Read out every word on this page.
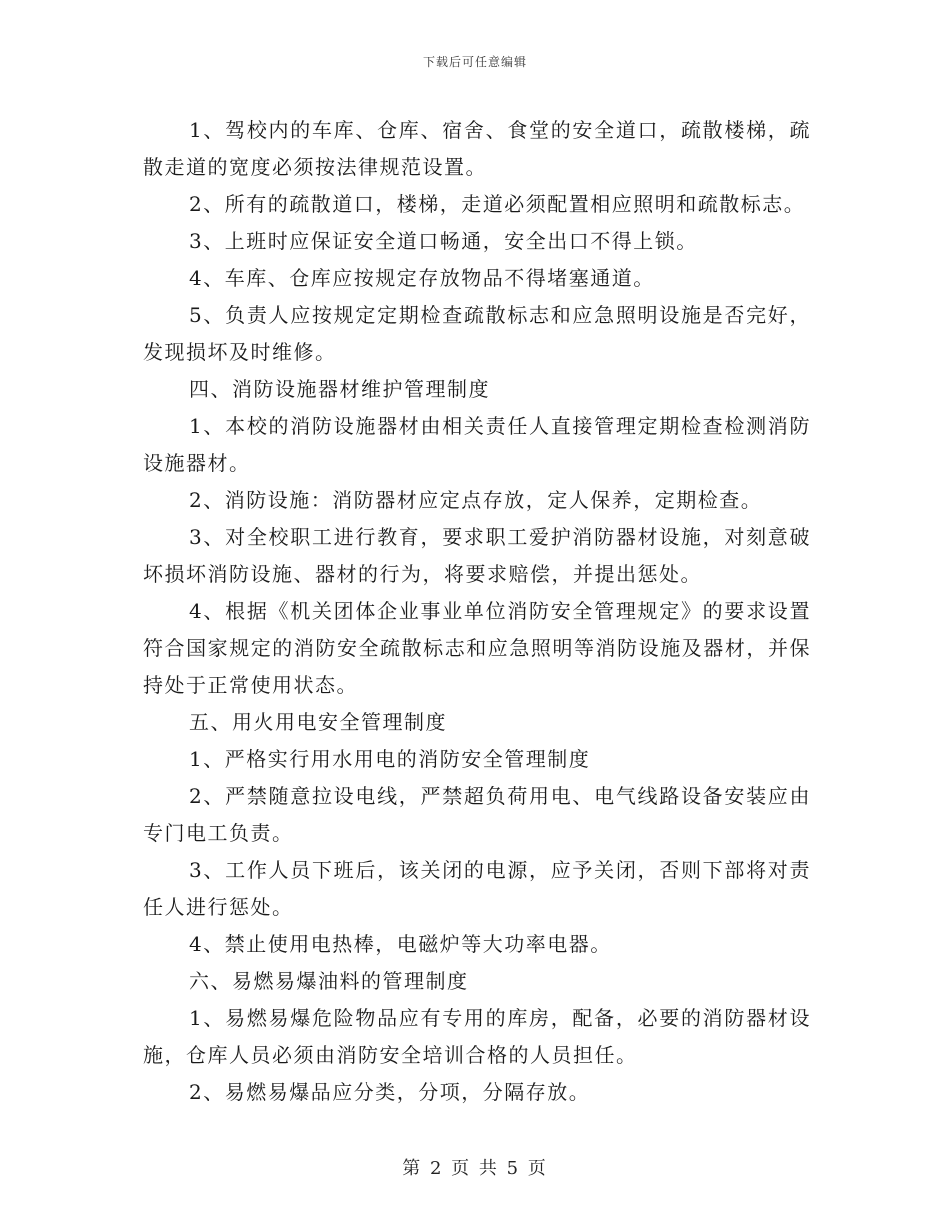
下载后可任意编辑

1、驾校内的车库、仓库、宿舍、食堂的安全道口，疏散楼梯，疏散走道的宽度必须按法律规范设置。

2、所有的疏散道口，楼梯，走道必须配置相应照明和疏散标志。

3、上班时应保证安全道口畅通，安全出口不得上锁。

4、车库、仓库应按规定存放物品不得堵塞通道。

5、负责人应按规定定期检查疏散标志和应急照明设施是否完好，发现损坏及时维修。

四、消防设施器材维护管理制度

1、本校的消防设施器材由相关责任人直接管理定期检查检测消防设施器材。

2、消防设施：消防器材应定点存放，定人保养，定期检查。

3、对全校职工进行教育，要求职工爱护消防器材设施，对刻意破坏损坏消防设施、器材的行为，将要求赔偿，并提出惩处。

4、根据《机关团体企业事业单位消防安全管理规定》的要求设置符合国家规定的消防安全疏散标志和应急照明等消防设施及器材，并保持处于正常使用状态。

五、用火用电安全管理制度

1、严格实行用水用电的消防安全管理制度

2、严禁随意拉设电线，严禁超负荷用电、电气线路设备安装应由专门电工负责。

3、工作人员下班后，该关闭的电源，应予关闭，否则下部将对责任人进行惩处。

4、禁止使用电热棒，电磁炉等大功率电器。

六、易燃易爆油料的管理制度

1、易燃易爆危险物品应有专用的库房，配备，必要的消防器材设施，仓库人员必须由消防安全培训合格的人员担任。

2、易燃易爆品应分类，分项，分隔存放。

第 2 页 共 5 页
